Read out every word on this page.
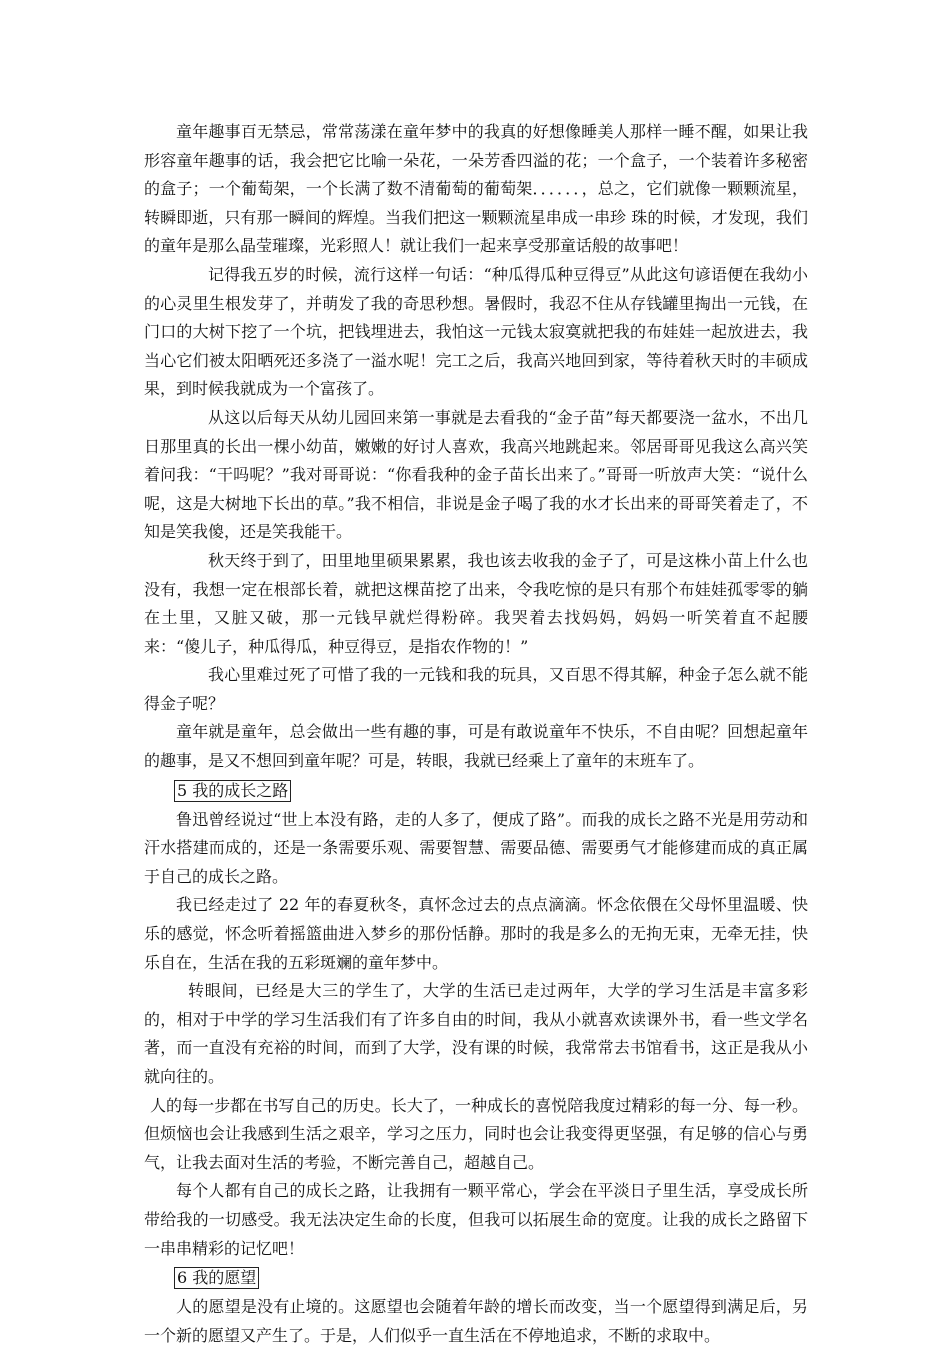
童年趣事百无禁忌，常常荡漾在童年梦中的我真的好想像睡美人那样一睡不醒，如果让我形容童年趣事的话，我会把它比喻一朵花，一朵芳香四溢的花；一个盒子，一个装着许多秘密的盒子；一个葡萄架，一个长满了数不清葡萄的葡萄架．．．．．．，总之，它们就像一颗颗流星，转瞬即逝，只有那一瞬间的辉煌。当我们把这一颗颗流星串成一串珍 珠的时候，才发现，我们的童年是那么晶莹璀璨，光彩照人！就让我们一起来享受那童话般的故事吧！

记得我五岁的时候，流行这样一句话：“种瓜得瓜种豆得豆”从此这句谚语便在我幼小的心灵里生根发芽了，并萌发了我的奇思秒想。暑假时，我忍不住从存钱罐里掏出一元钱，在门口的大树下挖了一个坑，把钱埋进去，我怕这一元钱太寂寞就把我的布娃娃一起放进去，我当心它们被太阳晒死还多浇了一溢水呢！完工之后，我高兴地回到家，等待着秋天时的丰硕成果，到时候我就成为一个富孩了。

从这以后每天从幼儿园回来第一事就是去看我的“金子苗”每天都要浇一盆水，不出几日那里真的长出一棵小幼苗，嫩嫩的好讨人喜欢，我高兴地跳起来。邻居哥哥见我这么高兴笑着问我：“干吗呢？”我对哥哥说：“你看我种的金子苗长出来了。”哥哥一听放声大笑：“说什么呢，这是大树地下长出的草。”我不相信，非说是金子喝了我的水才长出来的哥哥笑着走了，不知是笑我傻，还是笑我能干。

秋天终于到了，田里地里硕果累累，我也该去收我的金子了，可是这株小苗上什么也没有，我想一定在根部长着，就把这棵苗挖了出来，令我吃惊的是只有那个布娃娃孤零零的躺在土里，又脏又破，那一元钱早就烂得粉碎。我哭着去找妈妈，妈妈一听笑着直不起腰来：“傻儿子，种瓜得瓜，种豆得豆，是指农作物的！”

我心里难过死了可惜了我的一元钱和我的玩具，又百思不得其解，种金子怎么就不能得金子呢？

童年就是童年，总会做出一些有趣的事，可是有敢说童年不快乐，不自由呢？回想起童年的趣事，是又不想回到童年呢？可是，转眼，我就已经乘上了童年的末班车了。

5 我的成长之路

鲁迅曾经说过“世上本没有路，走的人多了，便成了路”。而我的成长之路不光是用劳动和汗水搭建而成的，还是一条需要乐观、需要智慧、需要品德、需要勇气才能修建而成的真正属于自己的成长之路。

我已经走过了 22 年的春夏秋冬，真怀念过去的点点滴滴。怀念依偎在父母怀里温暖、快乐的感觉，怀念听着摇篮曲进入梦乡的那份恬静。那时的我是多么的无拘无束，无牵无挂，快乐自在，生活在我的五彩斑斓的童年梦中。

转眼间，已经是大三的学生了，大学的生活已走过两年，大学的学习生活是丰富多彩的，相对于中学的学习生活我们有了许多自由的时间，我从小就喜欢读课外书，看一些文学名著，而一直没有充裕的时间，而到了大学，没有课的时候，我常常去书馆看书，这正是我从小就向往的。

人的每一步都在书写自己的历史。长大了，一种成长的喜悦陪我度过精彩的每一分、每一秒。但烦恼也会让我感到生活之艰辛，学习之压力，同时也会让我变得更坚强，有足够的信心与勇气，让我去面对生活的考验，不断完善自己，超越自己。

每个人都有自己的成长之路，让我拥有一颗平常心，学会在平淡日子里生活，享受成长所带给我的一切感受。我无法决定生命的长度，但我可以拓展生命的宽度。让我的成长之路留下一串串精彩的记忆吧！

6 我的愿望

人的愿望是没有止境的。这愿望也会随着年龄的增长而改变，当一个愿望得到满足后，另一个新的愿望又产生了。于是，人们似乎一直生活在不停地追求，不断的求取中。
